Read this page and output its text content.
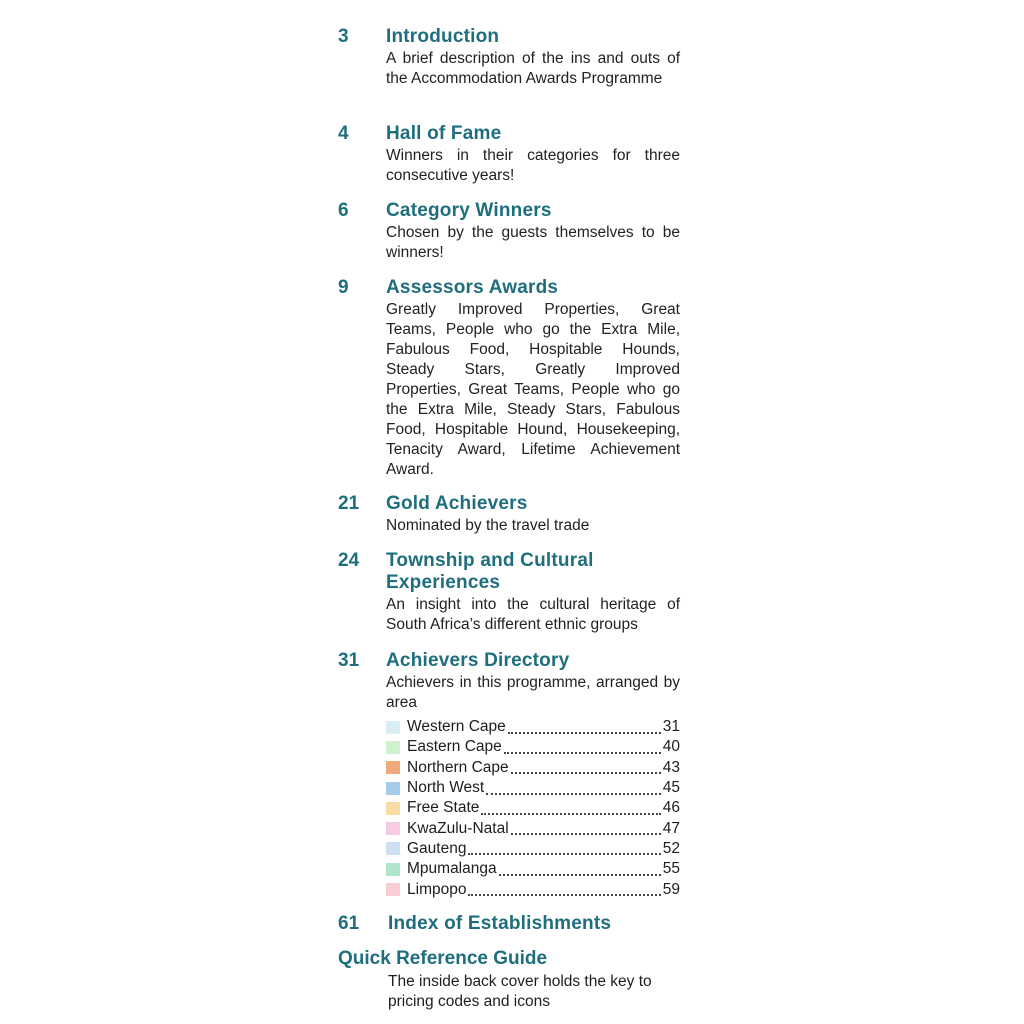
3	Introduction
A brief description of the ins and outs of the Accommodation Awards Programme
4	Hall of Fame
Winners in their categories for three consecutive years!
6	Category Winners
Chosen by the guests themselves to be winners!
9	Assessors Awards
Greatly Improved Properties, Great Teams, People who go the Extra Mile, Fabulous Food, Hospitable Hounds, Steady Stars, Greatly Improved Properties, Great Teams, People who go the Extra Mile, Steady Stars, Fabulous Food, Hospitable Hound, Housekeeping, Tenacity Award, Lifetime Achievement Award.
21	Gold Achievers
Nominated by the travel trade
24	Township and Cultural Experiences
An insight into the cultural heritage of South Africa’s different ethnic groups
31	Achievers Directory
Achievers in this programme, arranged by area
Western Cape	31
Eastern Cape	40
Northern Cape	43
North West	45
Free State	46
KwaZulu-Natal	47
Gauteng	52
Mpumalanga	55
Limpopo	59
61	Index of Establishments
Quick Reference Guide
The inside back cover holds the key to pricing codes and icons
